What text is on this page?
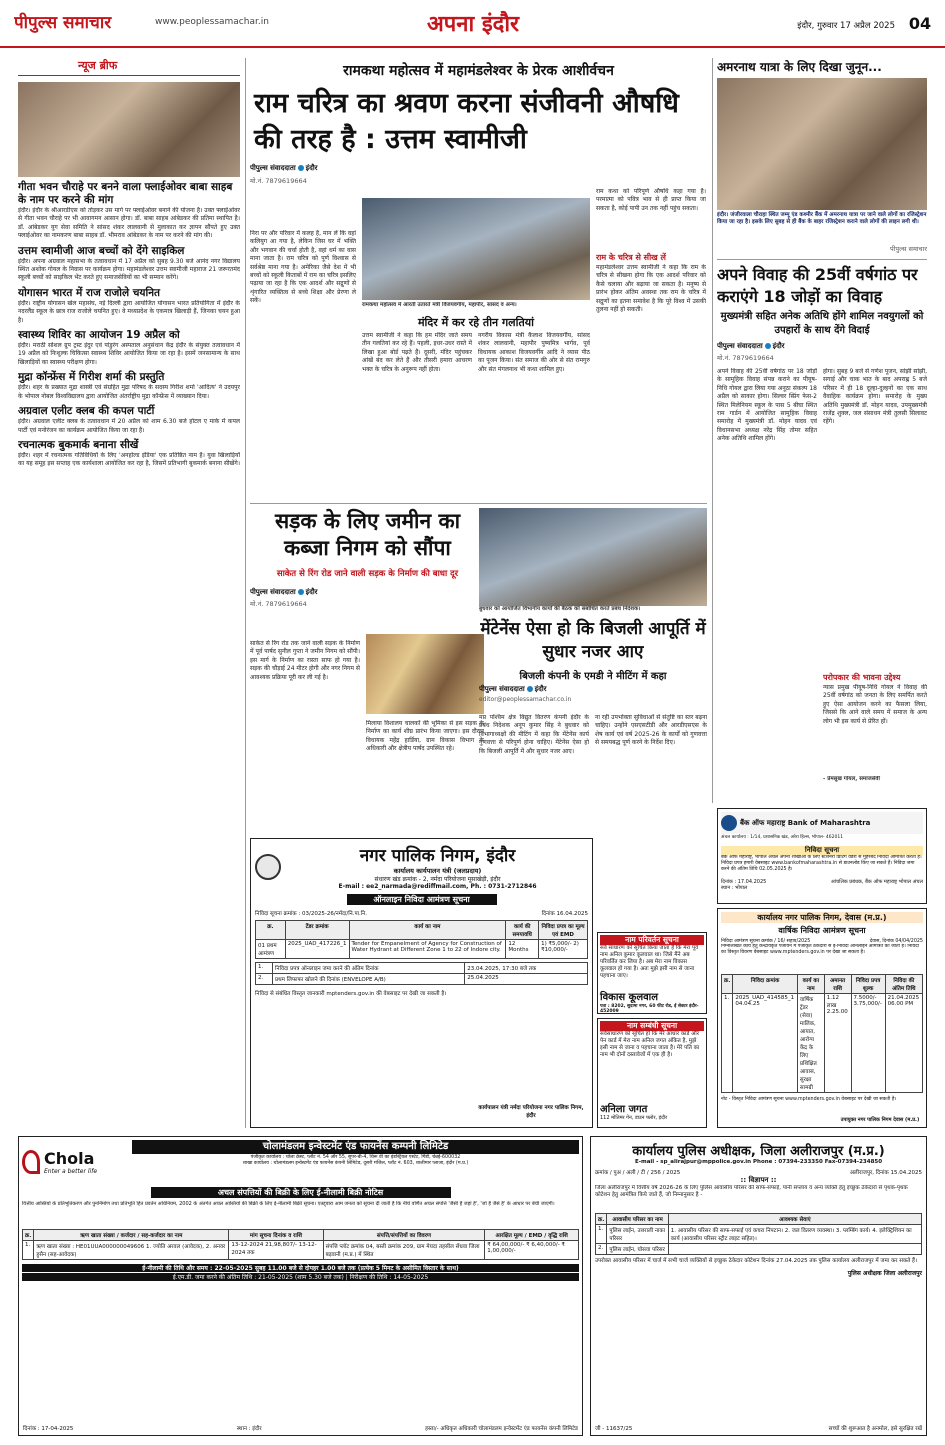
पीपुल्स समाचार	www.peoplessamachar.in	अपना इंदौर	इंदौर, गुरुवार 17 अप्रैल 2025 04
न्यूज ब्रीफ
गीता भवन चौराहे पर बनने वाला फ्लाईओवर बाबा साहब के नाम पर करने की मांग
इंदौर। इंदौर के श्रीआरडीएस को तोड़कर उस मार्ग पर फ्लाईओवर बनाने की योजना है। उक्त फ्लाईओवर से गीता भवन चौराहे पर भी आवागमन आसान होगा। डॉ. बाबा साहब आंबेडकर की प्रतिमा स्थापित है। डॉ. आंबेडकर युग सेवा समिति ने सांसद शंकर लालवानी से मुलाकात कर ज्ञापन सौंपते हुए उक्त फ्लाईओवर का नामकरण बाबा साहब डॉ. भीमराव आंबेडकर के नाम पर करने की मांग की।
उत्तम स्वामीजी आज बच्चों को देंगे साइकिल
इंदौर। अपना अग्रवाल महासभा के तत्वावधान में 17 अप्रैल को सुबह 9.30 बजे आनंद नगर विद्यालय स्थित अशोक गोयल के निवास पर कार्यक्रम होगा। महामंडलेश्वर उत्तम स्वामीजी महाराज 21 जरूरतमंद स्कूली बच्चों को साइकिल भेंट करते हुए समाजसेवियों का भी सम्मान करेंगे।
योगासन भारत में राज राजोले चयनित
इंदौर। राष्ट्रीय योगासन खेल महासंघ, नई दिल्ली द्वारा आयोजित योगासन भारत प्रतियोगिता में इंदौर के नदरलैंड स्कूल के छात्र राज राजोले चयनित हुए। वे मध्यप्रदेश के एकमात्र खिलाड़ी हैं, जिनका चयन हुआ है।
स्वास्थ्य शिविर का आयोजन 19 अप्रैल को
इंदौर। मराठी सोशल ग्रुप ट्रस्ट इंदुर एवं पांडुरंग अस्पताल अनुसंधान केंद्र इंदौर के संयुक्त तत्वावधान में 19 अप्रैल को निःशुल्क चिकित्सा स्वास्थ्य शिविर आयोजित किया जा रहा है। इसमें जनसामान्य के साथ खिलाड़ियों का स्वास्थ्य परीक्षण होगा।
मुद्रा कॉन्फ्रेंस में गिरीश शर्मा की प्रस्तुति
इंदौर। शहर के प्रख्यात मुद्रा शास्त्री एवं संग्रहित मुद्रा परिषद के सदस्य गिरीश शर्मा 'आदित्य' ने उदयपुर के भोपाल नोबल विश्वविद्यालय द्वारा आयोजित अंतर्राष्ट्रीय मुद्रा कॉन्फ्रेंस में व्याख्यान दिया।
अग्रवाल एलीट क्लब की कपल पार्टी
इंदौर। अग्रवाल एलीट क्लब के तत्वावधान में 20 अप्रैल को शाम 6.30 बजे होटल ए मार्क में कपल पार्टी एवं मनोरंजन का कार्यक्रम आयोजित किया जा रहा है।
रचनात्मक बुकमार्क बनाना सीखें
इंदौर। शहर में रचनात्मक गतिविधियों के लिए 'अनहोल्ड इंडिया' एक प्रतिष्ठित नाम है। युवा खिलाड़ियों का यह समूह इस सप्ताह एक कार्यशाला आयोजित कर रहा है, जिसमें प्रतिभागी बुकमार्क बनाना सीखेंगे।
रामकथा महोत्सव में महामंडलेश्वर के प्रेरक आशीर्वचन
राम चरित्र का श्रवण करना संजीवनी औषधि की तरह है : उत्तम स्वामीजी
पीपुल्स संवाददाता इंदौर
मो.नं. 7879619664
निरा पर और परिवार में कलह है, मान लें कि वहां कलियुग आ गया है, लेकिन जिस घर में भक्ति और भगवान की चर्चा होती है, वहां धर्म का वास माना जाता है। राम चरित्र को पूर्ण विश्वास से सर्वश्रेष्ठ माना गया है। अमेरिका जैसे देश में भी बच्चों को स्कूली किताबों में राम का चरित्र इसलिए पढ़ाया जा रहा है कि एक आदर्श और सद्गुणों से शृंगारित व्यक्तित्व से बच्चे शिक्षा और प्रेरणा ले सकें।
रामकथा महोत्सव में आरती उतारते मंत्री विजयवर्गीय, महापौर, सांसद व अन्य।
मंदिर में कर रहे तीन गलतियां
उत्तम स्वामीजी ने कहा कि हम मंदिर जाते समय तीन गलतियां कर रहे हैं। पहली, इधर-उधर रास्ते में लिखा हुआ बोर्ड पढ़ते हैं। दूसरी, मंदिर पहुंचकर आंखें बंद कर लेते हैं और तीसरी हमारा आचरण भक्त के चरित्र के अनुरूप नहीं होता।
नगरीय विकास मंत्री कैलाश विजयवर्गीय, सांसद शंकर लालवानी, महापौर पुष्यमित्र भार्गव, पूर्व विधायक आकाश विजयवर्गीय आदि ने व्यास पीठ का पूजन किया। संत समाज की ओर से संत रामगुरु और संत मंगलनाथ भी कथा शामिल हुए।
राम कथा को परिपूर्ण औषधि कहा गया है। परमात्मा को पवित्र भाव से ही प्राप्त किया जा सकता है, कोई पापी उन तक नहीं पहुंच सकता।
राम के चरित्र से सीख लें
महामंडलेश्वर उत्तम स्वामीजी ने कहा कि राम के चरित्र से सीखना होगा कि एक आदर्श परिवार को कैसे चलाया और बढ़ाया जा सकता है। मनुष्य से प्रारंभ होकर अंतिम अवस्था तक राम के चरित्र में सद्गुणों का इतना समावेश है कि पूरे विश्व में उसकी तुलना नहीं हो सकती।
सड़क के लिए जमीन का कब्जा निगम को सौंपा
साकेत से रिंग रोड जाने वाली सड़क के निर्माण की बाधा दूर
पीपुल्स संवाददाता इंदौर
मो.नं. 7879619664
साकेत से रिंग रोड तक जाने वाली सड़क के निर्माण में पूर्व पार्षद सुनील गुप्ता ने जमीन निगम को सौंपी। इस मार्ग के निर्माण का रास्ता साफ हो गया है। सड़क की चौड़ाई 24 मीटर होगी और नगर निगम से आवश्यक प्रक्रिया पूरी कर ली गई है।
मिलाया विशालय चालकों की भूमिका से इस सड़क के निर्माण का कार्य शीघ्र प्रारंभ किया जाएगा। इस दौरान विधायक महेंद्र हार्डिया, ग्राम विकास विभाग के अधिकारी और क्षेत्रीय पार्षद उपस्थित रहे।
बुधवार को आयोजित विभागीय कार्यों की बैठक को संबोधित करते प्रबंध निदेशक।
मेंटेनेंस ऐसा हो कि बिजली आपूर्ति में सुधार नजर आए
बिजली कंपनी के एमडी ने मीटिंग में कहा
पीपुल्स संवाददाता इंदौर
editor@peoplessamachar.co.in
मप्र पश्चिम क्षेत्र विद्युत वितरण कंपनी इंदौर के प्रबंध निदेशक अनूप कुमार सिंह ने बुधवार को विभागाध्यक्षों की मीटिंग में कहा कि मेंटेनेंस कार्य गुणवत्ता से परिपूर्ण होना चाहिए। मेंटेनेंस ऐसा हो कि बिजली आपूर्ति में और सुधार नजर आए।
ना रही उपभोक्ता सुविधाओं से संतुष्टि का स्तर बढ़ना चाहिए। उन्होंने एसएसटीडी और आरडीएसएस के शेष कार्य एवं वर्ष 2025-26 के कार्यों को गुणवत्ता से समयबद्ध पूर्ण करने के निर्देश दिए।
अमरनाथ यात्रा के लिए दिखा जुनून...
इंदौर। जंजीरवाला चौराहा स्थित जम्मू एंड कश्मीर बैंक में अमरनाथ यात्रा पर जाने वाले लोगों का रजिस्ट्रेशन किया जा रहा है। इसके लिए सुबह से ही बैंक के बाहर रजिस्ट्रेशन कराने वाले लोगों की लाइन लगी थी।
पीपुल्स समाचार
अपने विवाह की 25वीं वर्षगांठ पर कराएंगे 18 जोड़ों का विवाह
मुख्यमंत्री सहित अनेक अतिथि होंगे शामिल नवयुगलों को उपहारों के साथ देंगे विदाई
पीपुल्स संवाददाता इंदौर
मो.नं. 7879619664
अपने विवाह की 25वीं वर्षगांठ पर 18 जोड़ों के सामूहिक विवाह संपन्न कराने का पीयूष-निधि गोयल द्वारा लिया गया अनूठा संकल्प 18 अप्रैल को साकार होगा। सिल्वर स्प्रिंग फेस-2 स्थित मिलेनियम स्कूल के पास 5 बीघा स्थित राम गार्डन में आयोजित सामूहिक विवाह समारोह में मुख्यमंत्री डॉ. मोहन यादव एवं विधानसभा अध्यक्ष नरेंद्र सिंह तोमर सहित अनेक अतिथि शामिल होंगे।
होगा। सुबह 9 बजे से गणेश पूजन, सांझी सांझी, सगाई और चाक भात के बाद अपराह्न 5 बजे परिसर में ही 18 दूल्हा-दुल्हनों का एक साथ वैवाहिक कार्यक्रम होगा। समारोह के मुख्य अतिथि मुख्यमंत्री डॉ. मोहन यादव, उपमुख्यमंत्री राजेंद्र शुक्ल, जल संसाधन मंत्री तुलसी सिलावट रहेंगे।
परोपकार की भावना उद्देश्य
न्यास प्रमुख पीयूष-निधि गोयल ने विवाह की 25वीं वर्षगांठ को जनता के लिए समर्पित करते हुए ऐसा आयोजन करने का फैसला लिया, जिससे कि आने वाले समय में समाज के अन्य लोग भी इस कार्य से प्रेरित हों।
- प्रेमसुख गोयल, समाजसेवी
बैंक ऑफ महाराष्ट्र Bank of Maharashtra
अंचल कार्यालय : 1/14, प्रशासनिक खंड, अरेरा हिल्स, भोपाल- 462011
निविदा सूचना
बैंक ऑफ महाराष्ट्र, भोपाल अंचल अपनी शाखाओं के लिए स्टेशनरी प्रिंटिंग वेंडरों से मुहरबंद निविदा आमंत्रित करता है। निविदा प्रपत्र हमारी वेबसाइट www.bankofmaharashtra.in से डाउनलोड किए जा सकते हैं। निविदा जमा करने की अंतिम तिथि 02.05.2025 है।
दिनांक : 17.04.2025
स्थान : भोपाल
आंचलिक प्रबंधक, बैंक ऑफ महाराष्ट्र भोपाल अंचल
नगर पालिक निगम, इंदौर
कार्यालय कार्यपालन यंत्री (जलप्रदाय)
संधारण खंड क्रमांक - 2, नर्मदा परियोजना मूसाखेड़ी, इंदौर
E-mail : ee2_narmada@rediffmail.com, Ph. : 0731-2712846
ऑनलाइन निविदा आमंत्रण सूचना
निविदा सूचना क्रमांक : 03/2025-26/नर्मदा/नि.पा.नि.	दिनांक 16.04.2025
क्र.	टेंडर क्रमांक	कार्य का नाम	कार्य की समयावधि	निविदा प्रपत्र का मूल्य एवं EMD
01 प्रथम आमंत्रण	2025_UAD_417226_1	Tender for Empanelment of Agency for Construction of Water Hydrant at Different Zone 1 to 22 of Indore city.	12 Months	1) ₹5,000/- 2) ₹10,000/-
1.	निविदा प्रपत्र ऑनलाइन जमा करने की अंतिम दिनांक	23.04.2025, 17:30 बजे तक
2.	प्रथम लिफाफा खोलने की दिनांक (ENVELOPE A/B)	25.04.2025
निविदा से संबंधित विस्तृत जानकारी mptenders.gov.in की वेबसाइट पर देखी जा सकती है।
कार्यपालन यंत्री नर्मदा परियोजना नगर पालिक निगम, इंदौर
नाम परिवर्तन सूचना
सर्व साधारण को सूचित किया जाता है कि मेरा पूर्व नाम अनिल कुमार कूलवाल था। जिसे मैंने अब परिवर्तित कर लिया है। अब मेरा नाम विकास कूलवाल हो गया है। अतः मुझे इसी नाम से जाना पहचाना जाए।
विकास कूलवाल
पता : 8202, सुदामा नगर, 60 फीट रोड, ई सेक्टर इंदौर- 452009
नाम सम्बंधी सूचना
सर्वसाधारण को सूचित हो कि मेरे आधार कार्ड और पेन कार्ड में मेरा नाम अनिल जगत अंकित है, मुझे इसी नाम से जाना व पहचाना जाता है। मेरे पति का नाम भी दोनों दस्तावेजों में एक ही है।
अनिला जगत
112 मोतिमर गेन, डाउन फ्लोर, इंदौर
कार्यालय नगर पालिक निगम, देवास (म.प्र.)
वार्षिक निविदा आमंत्रण सूचना
निविदा आमंत्रण सूचना क्रमांक / 16/ सहाय/2025	देवास, दिनांक 04/04/2025
निम्नलिखित कार्य हेतु केन्द्रीयकृत पंजीयन में पंजीकृत ठेकेदारों से ई-निविदा ऑनलाइन आमंत्रित की जाती है। निविदा का विस्तृत विवरण वेबसाइट www.mptenders.gov.in पर देखा जा सकता है।
क्र.	निविदा क्रमांक	कार्य का नाम	अमानत राशि	निविदा प्रपत्र शुल्क	निविदा की अंतिम तिथि
1.	2025_UAD_414585_1 04.04.25	वार्षिक ट्रेंडर (सेवा) मालिक, आयात, आरोग्य केंद्र के लिए प्रशिक्षित आवास, सुरक्षा सामग्री	1.12 लाख 2.25.00	7.5000/- 3.75,000/-	21.04.2025 06.00 PM
नोट - विस्तृत निविदा आमंत्रण सूचना www.mptenders.gov.in वेबसाइट पर देखी जा सकती है।
उपायुक्त नगर पालिक निगम देवास (म.प्र.)
Chola
Enter a better life
चोलामंडलम इन्वेस्टमेंट एंड फायनेंस कम्पनी लिमिटेड
पंजीकृत कार्यालय : चोला क्रेस्ट, प्लॉट नं. 54 और 55, सुपर-बी-4, थिरू वी का इंडस्ट्रियल एस्टेट, गिंडी, चेन्नई-600032
शाखा कार्यालय : चोलामंडलम इन्वेस्टमेंट एंड फायनेंस कंपनी लिमिटेड, दूसरी मंजिल, प्लॉट नं. 603, शालीमार प्लाजा, इंदौर (म.प्र.)
अचल संपत्तियों की बिक्री के लिए ई-नीलामी बिक्री नोटिस
वित्तीय आस्तियों के प्रतिभूतिकरण और पुनर्निर्माण तथा प्रतिभूति हित प्रवर्तन अधिनियम, 2002 के अंतर्गत अचल आस्तियों की बिक्री के लिए ई-नीलामी बिक्री सूचना। एतद्द्वारा आम जनता को सूचना दी जाती है कि नीचे वर्णित अचल संपत्ति 'जैसी है जहां है', 'जो है जैसे है' के आधार पर बेची जाएगी।
क्र.	ऋण खाता संख्या / कर्जदार / सह-कर्जदार का नाम	मांग सूचना दिनांक व राशि	संपत्ति/संपत्तियों का विवरण	आरक्षित मूल्य / EMD / वृद्धि राशि
1.	ऋण खाता संख्या : HE01UUA000000049606 1. ज्योति अरवल (आवेदक), 2. अनवर हुसैन (सह-आवेदक)	13-12-2024 21,98,807/- 13-12-2024 तक	संपत्ति प्लॉट क्रमांक 04, बस्ती क्रमांक 209, ग्राम मेघदा तहसील सेंधवा जिला बड़वानी (म.प्र.) में स्थित	₹ 64,00,000/- ₹ 6,40,000/- ₹ 1,00,000/-
ई-नीलामी की तिथि और समय : 22-05-2025 सुबह 11.00 बजे से दोपहर 1.00 बजे तक (प्रत्येक 5 मिनट के असीमित विस्तार के साथ)
ई.एम.डी. जमा करने की अंतिम तिथि : 21-05-2025 (शाम 5.30 बजे तक) | निरीक्षण की तिथि : 14-05-2025
दिनांक : 17-04-2025	स्थान : इंदौर	हस्ता/- अधिकृत अधिकारी चोलामंडलम इन्वेस्टमेंट एंड फायनेंस कंपनी लिमिटेड
कार्यालय पुलिस अधीक्षक, जिला अलीराजपुर (म.प्र.)
E-mail - sp_alirajpur@mppolice.gov.in Phone : 07394-233350 Fax-07394-234850
क्रमांक / पुअ / अली / टी / 256 / 2025	अलीराजपुर, दिनांक 15.04.2025
:: विज्ञापन ::
जिला अलीराजपुर में वित्तीय वर्ष 2026-26 के लिए पुलिस आवासीय परिसर की साफ-सफाई, पानी सप्लाय व अन्य व्यक्ति हेतु इच्छुक ठेकेदारों से पृथक-पृथक कोटेशन हेतु आमंत्रित किये जाते हैं, जो निम्नानुसार है -
क्र.	आवासीय परिसर का नाम	आवश्यक सेवाएं
1.	पुलिस लाईन, उत्तराली नाका परिसर	1. आवासीय परिसर की साफ-सफाई एवं कचरा निपटान। 2. जल वितरण व्यवस्था। 3. प्लम्बिंग कार्य। 4. इलेक्ट्रिशियन का कार्य (आवासीय परिसर स्ट्रीट लाइट सहित)।
2.	पुलिस लाईन, घोसवा परिसर	
उपरोक्त आवासीय परिसर में चार्ज में सभी चार्ज व्यक्तियों से इच्छुक ठेकेदार कोटेशन दिनांक 27.04.2025 तक पुलिस कार्यालय अलीराजपुर में जमा कर सकते हैं।
पुलिस अधीक्षक जिला अलीराजपुर
जी - 11637/25	सच्चों की शुरूआत है अनमोल, इसे सुरक्षित रखें
